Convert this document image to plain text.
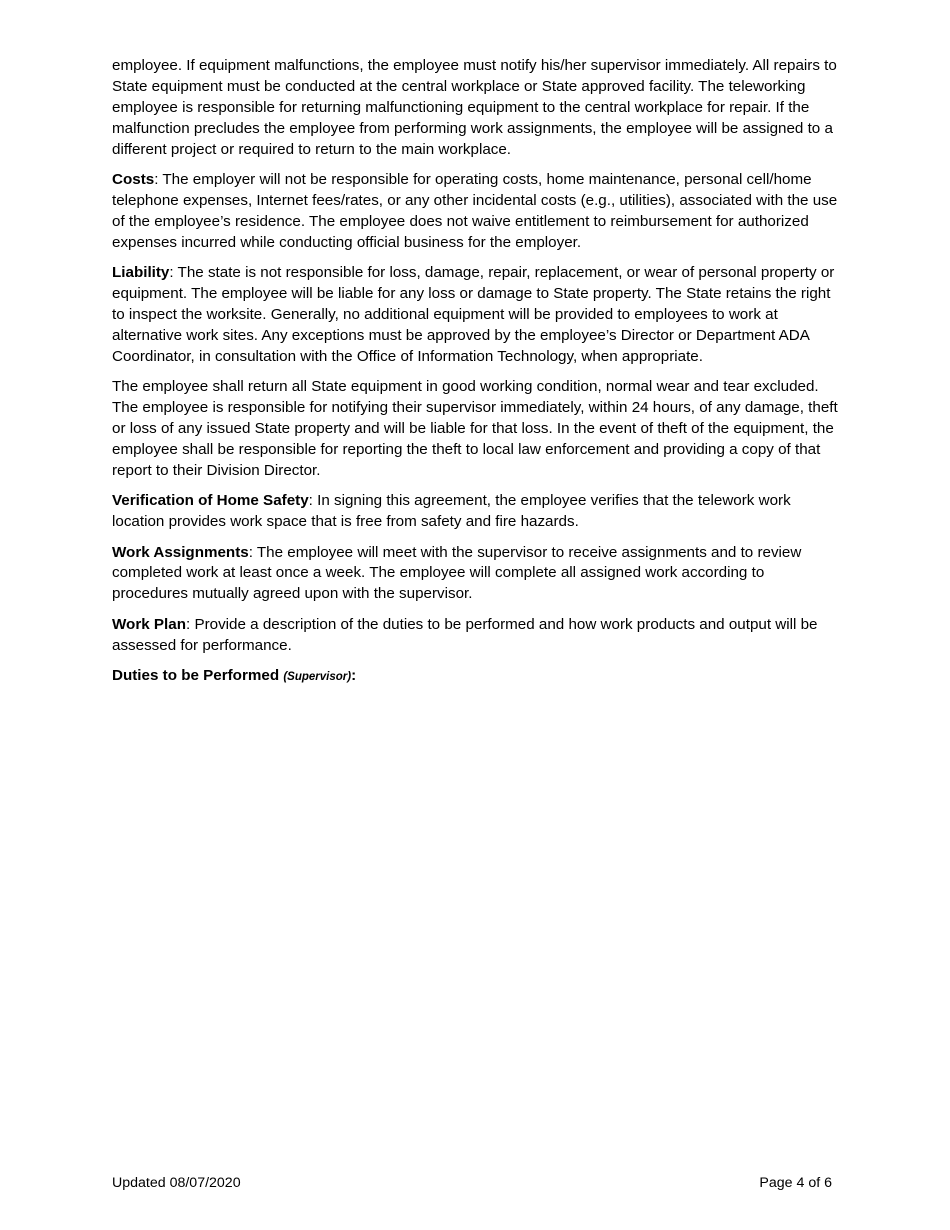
employee. If equipment malfunctions, the employee must notify his/her supervisor immediately. All repairs to State equipment must be conducted at the central workplace or State approved facility. The teleworking employee is responsible for returning malfunctioning equipment to the central workplace for repair. If the malfunction precludes the employee from performing work assignments, the employee will be assigned to a different project or required to return to the main workplace.

Costs: The employer will not be responsible for operating costs, home maintenance, personal cell/home telephone expenses, Internet fees/rates, or any other incidental costs (e.g., utilities), associated with the use of the employee’s residence. The employee does not waive entitlement to reimbursement for authorized expenses incurred while conducting official business for the employer.

Liability: The state is not responsible for loss, damage, repair, replacement, or wear of personal property or equipment. The employee will be liable for any loss or damage to State property. The State retains the right to inspect the worksite. Generally, no additional equipment will be provided to employees to work at alternative work sites. Any exceptions must be approved by the employee’s Director or Department ADA Coordinator, in consultation with the Office of Information Technology, when appropriate.

The employee shall return all State equipment in good working condition, normal wear and tear excluded. The employee is responsible for notifying their supervisor immediately, within 24 hours, of any damage, theft or loss of any issued State property and will be liable for that loss. In the event of theft of the equipment, the employee shall be responsible for reporting the theft to local law enforcement and providing a copy of that report to their Division Director.

Verification of Home Safety: In signing this agreement, the employee verifies that the telework work location provides work space that is free from safety and fire hazards.

Work Assignments: The employee will meet with the supervisor to receive assignments and to review completed work at least once a week. The employee will complete all assigned work according to procedures mutually agreed upon with the supervisor.

Work Plan: Provide a description of the duties to be performed and how work products and output will be assessed for performance.

Duties to be Performed (Supervisor):

Updated 08/07/2020	Page 4 of 6
